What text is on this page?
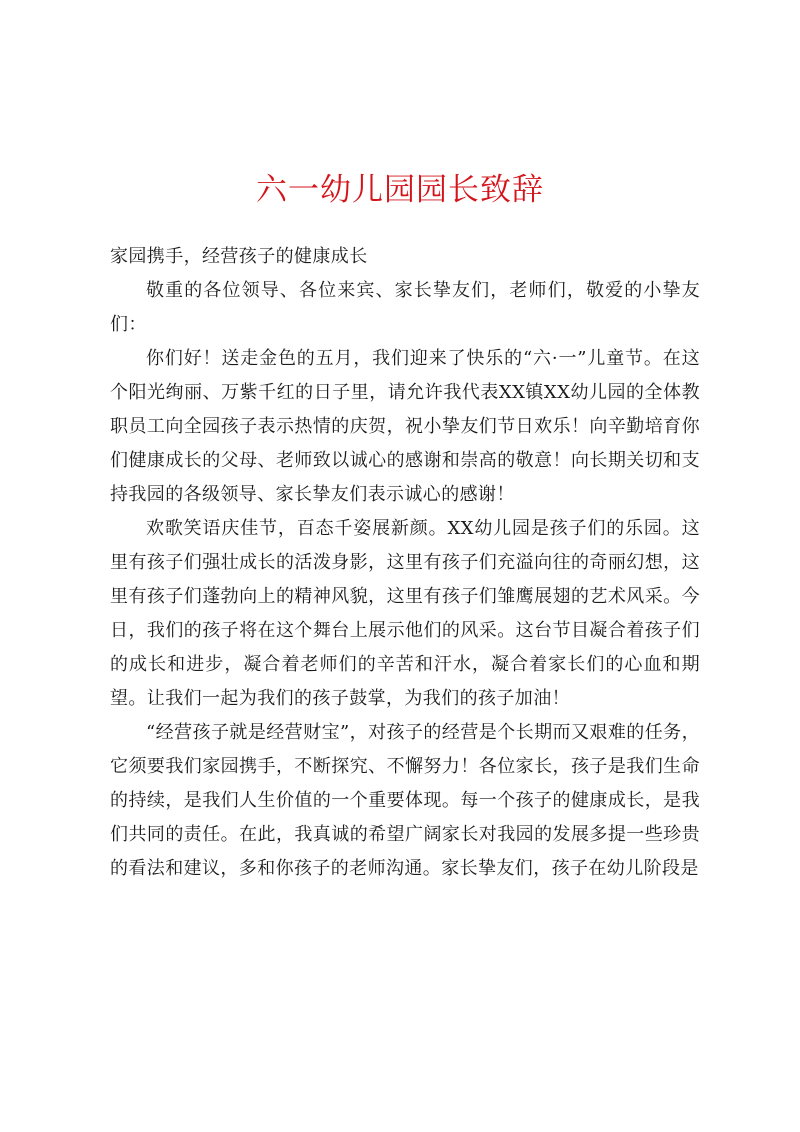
六一幼儿园园长致辞

家园携手，经营孩子的健康成长

敬重的各位领导、各位来宾、家长挚友们，老师们，敬爱的小挚友们：

你们好！送走金色的五月，我们迎来了快乐的“六·一”儿童节。在这个阳光绚丽、万紫千红的日子里，请允许我代表XX镇XX幼儿园的全体教职员工向全园孩子表示热情的庆贺，祝小挚友们节日欢乐！向辛勤培育你们健康成长的父母、老师致以诚心的感谢和崇高的敬意！向长期关切和支持我园的各级领导、家长挚友们表示诚心的感谢！

欢歌笑语庆佳节，百态千姿展新颜。XX幼儿园是孩子们的乐园。这里有孩子们强壮成长的活泼身影，这里有孩子们充溢向往的奇丽幻想，这里有孩子们蓬勃向上的精神风貌，这里有孩子们雏鹰展翅的艺术风采。今日，我们的孩子将在这个舞台上展示他们的风采。这台节目凝合着孩子们的成长和进步，凝合着老师们的辛苦和汗水，凝合着家长们的心血和期望。让我们一起为我们的孩子鼓掌，为我们的孩子加油！

“经营孩子就是经营财宝”，对孩子的经营是个长期而又艰难的任务，它须要我们家园携手，不断探究、不懈努力！各位家长，孩子是我们生命的持续，是我们人生价值的一个重要体现。每一个孩子的健康成长，是我们共同的责任。在此，我真诚的希望广阔家长对我园的发展多提一些珍贵的看法和建议，多和你孩子的老师沟通。家长挚友们，孩子在幼儿阶段是
